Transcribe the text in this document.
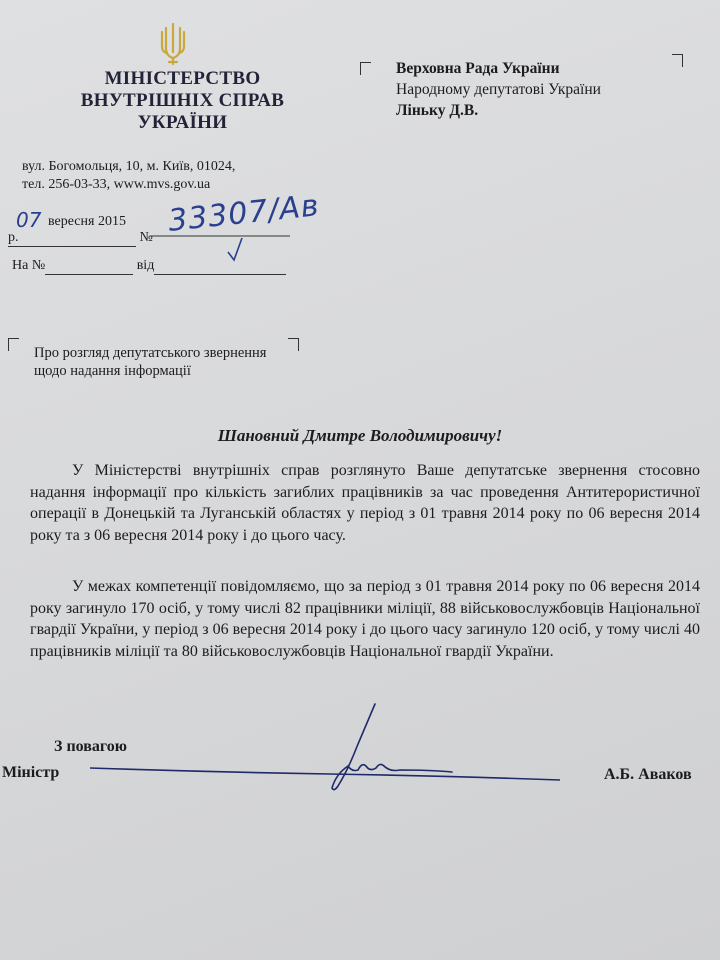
МІНІСТЕРСТВО
ВНУТРІШНІХ СПРАВ
УКРАЇНИ
вул. Богомольця, 10, м. Київ, 01024,
тел. 256-03-33, www.mvs.gov.ua
07 вересня 2015 р.	№ 33307/Ав
На №	від
Верховна Рада України
Народному депутатові України
Ліньку Д.В.
Про розгляд депутатського звернення
щодо надання інформації
Шановний Дмитре Володимировичу!
У Міністерстві внутрішніх справ розглянуто Ваше депутатське звернення стосовно надання інформації про кількість загиблих працівників за час проведення Антитерористичної операції в Донецькій та Луганській областях у період з 01 травня 2014 року по 06 вересня 2014 року та з 06 вересня 2014 року і до цього часу.
У межах компетенції повідомляємо, що за період з 01 травня 2014 року по 06 вересня 2014 року загинуло 170 осіб, у тому числі 82 працівники міліції, 88 військовослужбовців Національної гвардії України, у період з 06 вересня 2014 року і до цього часу загинуло 120 осіб, у тому числі 40 працівників міліції та 80 військовослужбовців Національної гвардії України.
З повагою
Міністр	А.Б. Аваков
